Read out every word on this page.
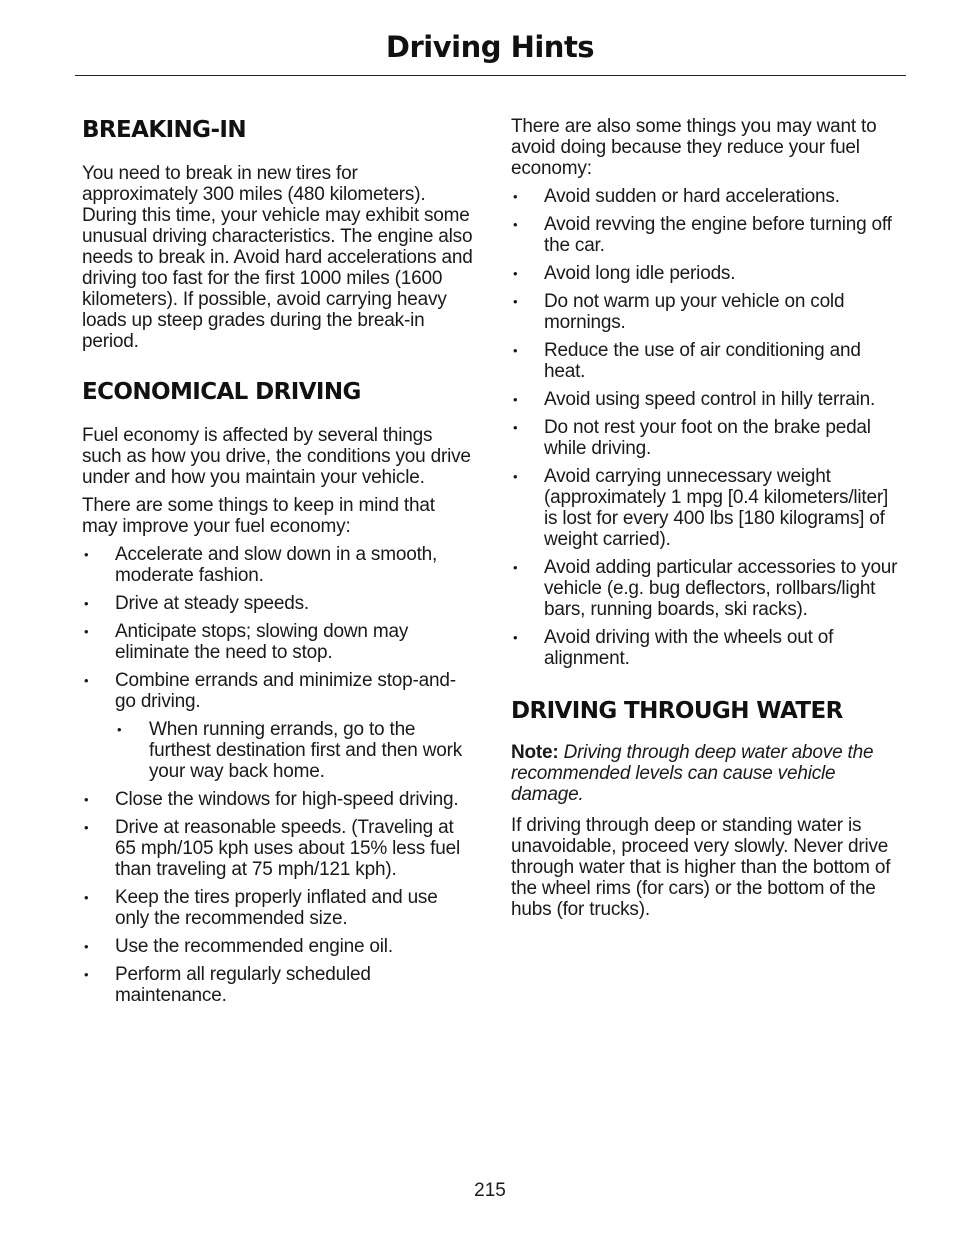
Driving Hints
BREAKING-IN

You need to break in new tires for approximately 300 miles (480 kilometers). During this time, your vehicle may exhibit some unusual driving characteristics. The engine also needs to break in. Avoid hard accelerations and driving too fast for the first 1000 miles (1600 kilometers). If possible, avoid carrying heavy loads up steep grades during the break-in period.

ECONOMICAL DRIVING

Fuel economy is affected by several things such as how you drive, the conditions you drive under and how you maintain your vehicle.

There are some things to keep in mind that may improve your fuel economy:

• Accelerate and slow down in a smooth, moderate fashion.
• Drive at steady speeds.
• Anticipate stops; slowing down may eliminate the need to stop.
• Combine errands and minimize stop-and-go driving.
• When running errands, go to the furthest destination first and then work your way back home.
• Close the windows for high-speed driving.
• Drive at reasonable speeds. (Traveling at 65 mph/105 kph uses about 15% less fuel than traveling at 75 mph/121 kph).
• Keep the tires properly inflated and use only the recommended size.
• Use the recommended engine oil.
• Perform all regularly scheduled maintenance.

There are also some things you may want to avoid doing because they reduce your fuel economy:

• Avoid sudden or hard accelerations.
• Avoid revving the engine before turning off the car.
• Avoid long idle periods.
• Do not warm up your vehicle on cold mornings.
• Reduce the use of air conditioning and heat.
• Avoid using speed control in hilly terrain.
• Do not rest your foot on the brake pedal while driving.
• Avoid carrying unnecessary weight (approximately 1 mpg [0.4 kilometers/liter] is lost for every 400 lbs [180 kilograms] of weight carried).
• Avoid adding particular accessories to your vehicle (e.g. bug deflectors, rollbars/light bars, running boards, ski racks).
• Avoid driving with the wheels out of alignment.
DRIVING THROUGH WATER

Note: Driving through deep water above the recommended levels can cause vehicle damage.

If driving through deep or standing water is unavoidable, proceed very slowly. Never drive through water that is higher than the bottom of the wheel rims (for cars) or the bottom of the hubs (for trucks).

215
